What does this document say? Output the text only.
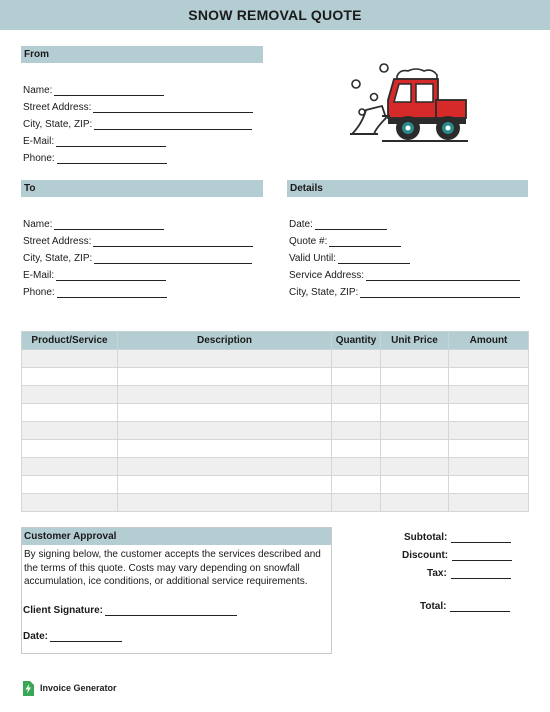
SNOW REMOVAL QUOTE
From
Name:
Street Address:
City, State, ZIP:
E-Mail:
Phone:
To
Name:
Street Address:
City, State, ZIP:
E-Mail:
Phone:
Details
Date:
Quote #:
Valid Until:
Service Address:
City, State, ZIP:
Product/Service	Description	Quantity	Unit Price	Amount

Customer Approval
By signing below, the customer accepts the services described and the terms of this quote. Costs may vary depending on snowfall accumulation, ice conditions, or additional service requirements.
Client Signature:
Date:
Subtotal:
Discount:
Tax:
Total:
Invoice Generator
